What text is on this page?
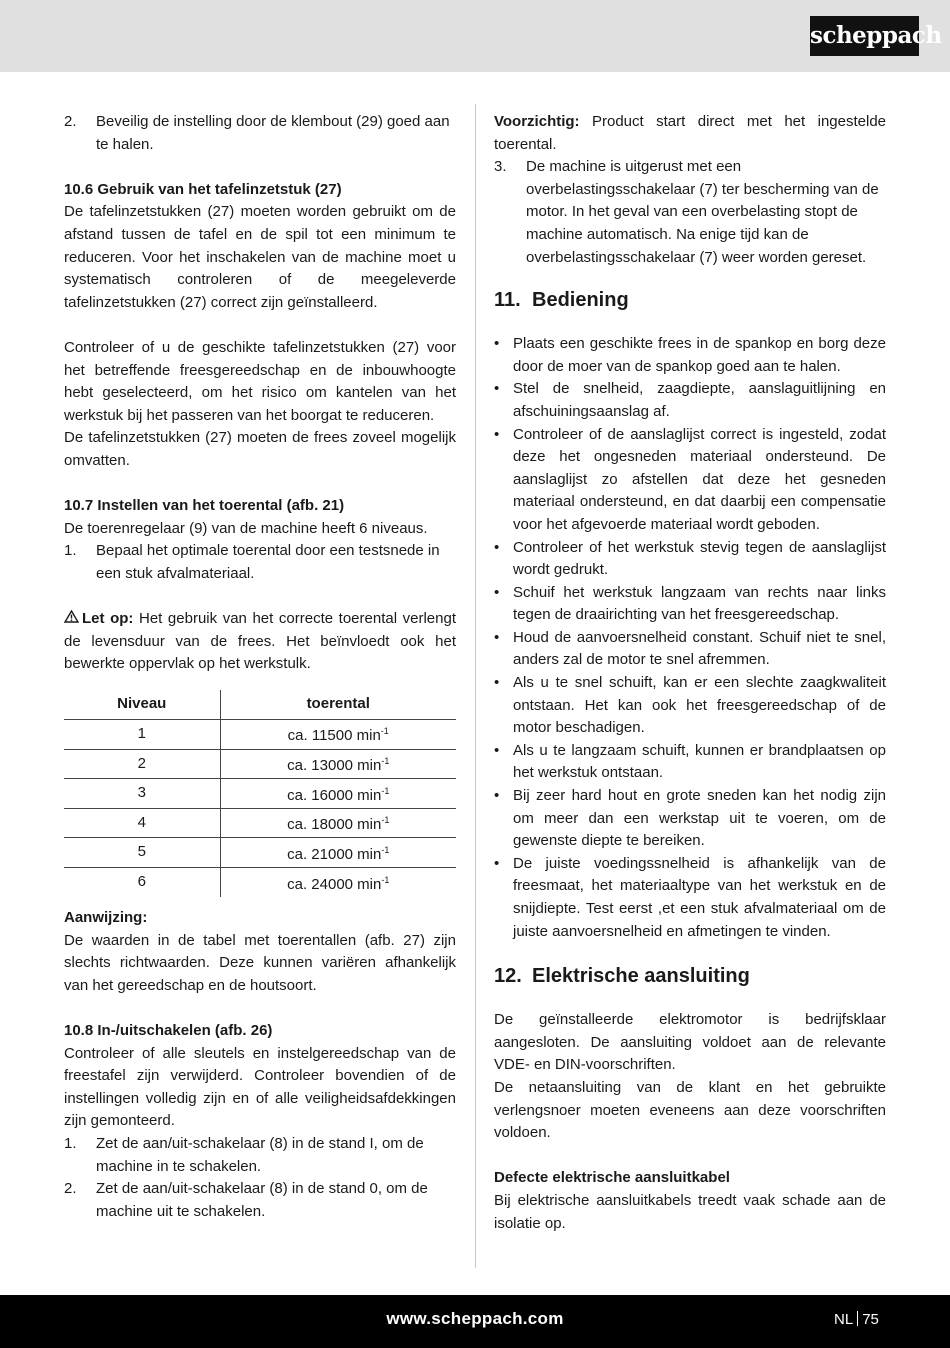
scheppach
2.	Beveilig de instelling door de klembout (29) goed aan te halen.
10.6 Gebruik van het tafelinzetstuk (27)

De tafelinzetstukken (27) moeten worden gebruikt om de afstand tussen de tafel en de spil tot een minimum te reduceren. Voor het inschakelen van de machine moet u systematisch controleren of de meegeleverde tafelinzetstukken (27) correct zijn geïnstalleerd.

Controleer of u de geschikte tafelinzetstukken (27) voor het betreffende freesgereedschap en de inbouwhoogte hebt geselecteerd, om het risico om kantelen van het werkstuk bij het passeren van het boorgat te reduceren.

De tafelinzetstukken (27) moeten de frees zoveel mogelijk omvatten.

10.7 Instellen van het toerental (afb. 21)

De toerenregelaar (9) van de machine heeft 6 niveaus.

1.	Bepaal het optimale toerental door een testsnede in een stuk afvalmateriaal.

Let op: Het gebruik van het correcte toerental verlengt de levensduur van de frees. Het beïnvloedt ook het bewerkte oppervlak op het werkstulk.

Niveau	toerental
1	ca. 11500 $\min^{-1}$
2	ca. 13000 $\min^{-1}$
3	ca. 16000 $\min^{-1}$
4	ca. 18000 $\min^{-1}$
5	ca. 21000 $\min^{-1}$
6	ca. 24000 $\min^{-1}$
Aanwijzing:

De waarden in de tabel met toerentallen (afb. 27) zijn slechts richtwaarden. Deze kunnen variëren afhankelijk van het gereedschap en de houtsoort.

10.8 In-/uitschakelen (afb. 26)

Controleer of alle sleutels en instelgereedschap van de freestafel zijn verwijderd. Controleer bovendien of de instellingen volledig zijn en of alle veiligheidsafdekkingen zijn gemonteerd.

1.	Zet de aan/uit-schakelaar (8) in de stand I, om de machine in te schakelen.
2.	Zet de aan/uit-schakelaar (8) in de stand 0, om de machine uit te schakelen.

Voorzichtig: Product start direct met het ingestelde toerental.

3.	De machine is uitgerust met een overbelastingsschakelaar (7) ter bescherming van de motor. In het geval van een overbelasting stopt de machine automatisch. Na enige tijd kan de overbelastingsschakelaar (7) weer worden gereset.
11. Bediening
• Plaats een geschikte frees in de spankop en borg deze door de moer van de spankop goed aan te halen.
• Stel de snelheid, zaagdiepte, aanslaguitlijning en afschuiningsaanslag af.
• Controleer of de aanslaglijst correct is ingesteld, zodat deze het ongesneden materiaal ondersteund. De aanslaglijst zo afstellen dat deze het gesneden materiaal ondersteund, en dat daarbij een compensatie voor het afgevoerde materiaal wordt geboden.
• Controleer of het werkstuk stevig tegen de aanslaglijst wordt gedrukt.
• Schuif het werkstuk langzaam van rechts naar links tegen de draairichting van het freesgereedschap.
• Houd de aanvoersnelheid constant. Schuif niet te snel, anders zal de motor te snel afremmen.
• Als u te snel schuift, kan er een slechte zaagkwaliteit ontstaan. Het kan ook het freesgereedschap of de motor beschadigen.
• Als u te langzaam schuift, kunnen er brandplaatsen op het werkstuk ontstaan.
• Bij zeer hard hout en grote sneden kan het nodig zijn om meer dan een werkstap uit te voeren, om de gewenste diepte te bereiken.
• De juiste voedingssnelheid is afhankelijk van de freesmaat, het materiaaltype van het werkstuk en de snijdiepte. Test eerst ,et een stuk afvalmateriaal om de juiste aanvoersnelheid en afmetingen te vinden.
12. Elektrische aansluiting

De geïnstalleerde elektromotor is bedrijfsklaar aangesloten. De aansluiting voldoet aan de relevante VDE- en DIN-voorschriften.

De netaansluiting van de klant en het gebruikte verlengsnoer moeten eveneens aan deze voorschriften voldoen.

Defecte elektrische aansluitkabel

Bij elektrische aansluitkabels treedt vaak schade aan de isolatie op.

www.scheppach.com	NL 75
